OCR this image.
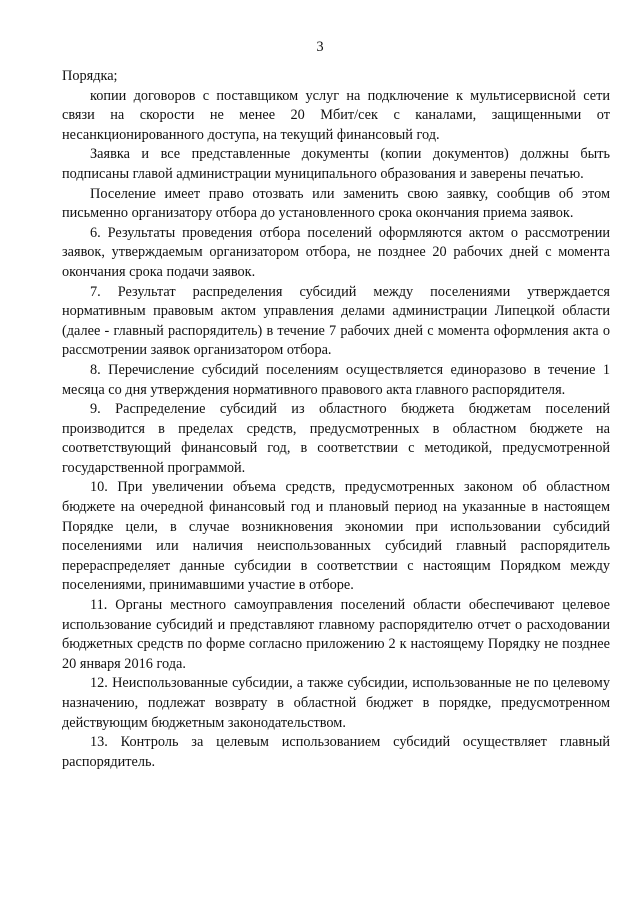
3

Порядка;

копии договоров с поставщиком услуг на подключение к мультисервисной сети связи на скорости не менее 20 Мбит/сек с каналами, защищенными от несанкционированного доступа, на текущий финансовый год.

Заявка и все представленные документы (копии документов) должны быть подписаны главой администрации муниципального образования и заверены печатью.

Поселение имеет право отозвать или заменить свою заявку, сообщив об этом письменно организатору отбора до установленного срока окончания приема заявок.

6. Результаты проведения отбора поселений оформляются актом о рассмотрении заявок, утверждаемым организатором отбора, не позднее 20 рабочих дней с момента окончания срока подачи заявок.

7. Результат распределения субсидий между поселениями утверждается нормативным правовым актом управления делами администрации Липецкой области (далее - главный распорядитель) в течение 7 рабочих дней с момента оформления акта о рассмотрении заявок организатором отбора.

8. Перечисление субсидий поселениям осуществляется единоразово в течение 1 месяца со дня утверждения нормативного правового акта главного распорядителя.

9. Распределение субсидий из областного бюджета бюджетам поселений производится в пределах средств, предусмотренных в областном бюджете на соответствующий финансовый год, в соответствии с методикой, предусмотренной государственной программой.

10. При увеличении объема средств, предусмотренных законом об областном бюджете на очередной финансовый год и плановый период на указанные в настоящем Порядке цели, в случае возникновения экономии при использовании субсидий поселениями или наличия неиспользованных субсидий главный распорядитель перераспределяет данные субсидии в соответствии с настоящим Порядком между поселениями, принимавшими участие в отборе.

11. Органы местного самоуправления поселений области обеспечивают целевое использование субсидий и представляют главному распорядителю отчет о расходовании бюджетных средств по форме согласно приложению 2 к настоящему Порядку не позднее 20 января 2016 года.

12. Неиспользованные субсидии, а также субсидии, использованные не по целевому назначению, подлежат возврату в областной бюджет в порядке, предусмотренном действующим бюджетным законодательством.

13. Контроль за целевым использованием субсидий осуществляет главный распорядитель.
